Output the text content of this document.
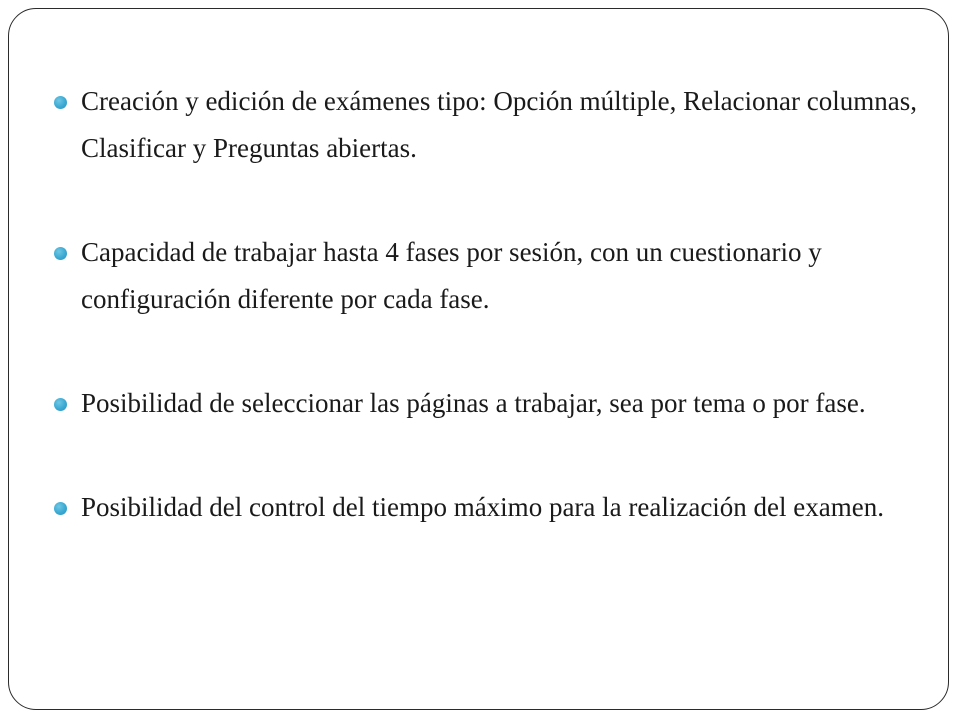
Creación y edición de exámenes tipo: Opción múltiple, Relacionar columnas, Clasificar y Preguntas abiertas.
Capacidad de trabajar hasta 4 fases por sesión, con un cuestionario y configuración diferente por cada fase.
Posibilidad de seleccionar las páginas a trabajar, sea por tema o por fase.
Posibilidad del control del tiempo máximo para la realización del examen.
